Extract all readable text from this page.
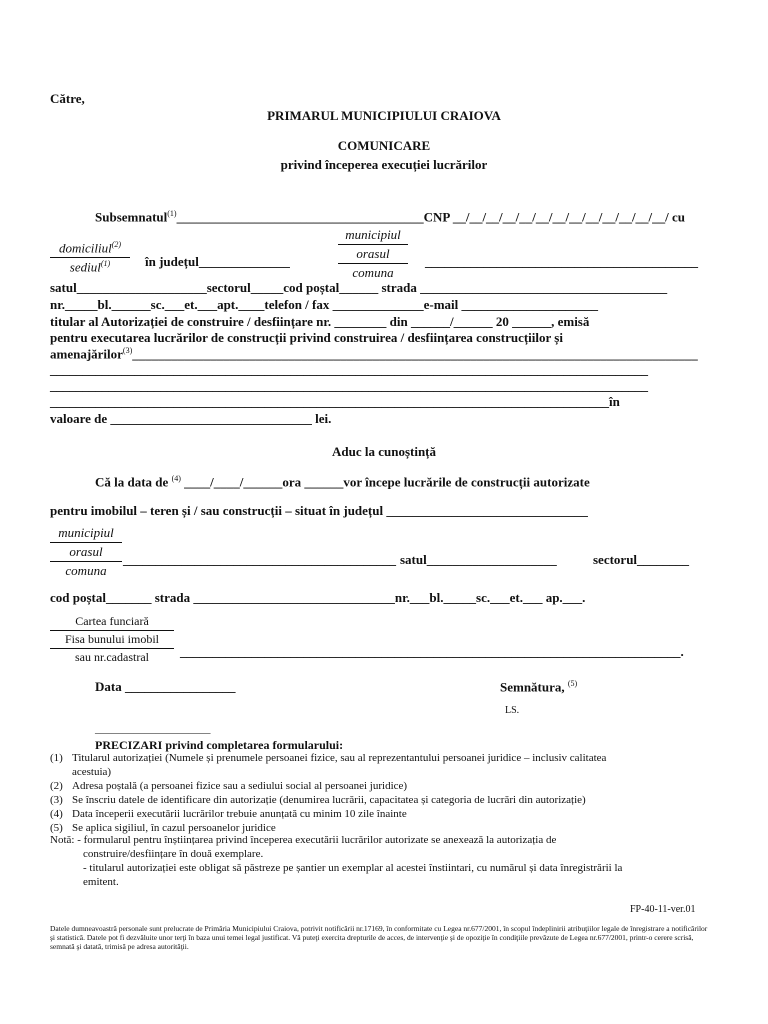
Către,
PRIMARUL MUNICIPIULUI CRAIOVA
COMUNICARE
privind începerea execuției lucrărilor
Subsemnatul$^{(1)}$______________________________________CNP __/__/__/__/__/__/__/__/__/__/__/__/__/ cu
domiciliul$^{(2)}$
sediul$^{(1)}$	în județul______________
municipiul
orasul
comuna
__________________________________________
satul____________________sectorul_____cod poștal______ strada ______________________________________
nr._____bl.______sc.___et.___apt.____telefon / fax ______________e-mail _____________________
titular al Autorizației de construire / desființare nr. ________ din ______/______ 20 ______, emisă
pentru executarea lucrărilor de construcții privind construirea / desființarea construcțiilor și
amenajărilor$^{(3)}$_______________________________________________________________________________________
____________________________________________________________________________________________
____________________________________________________________________________________________
______________________________________________________________________________________în
valoare de _______________________________ lei.
Aduc la cunoștință
Că la data de $^{(4)}$ ____/____/______ora ______vor începe lucrările de construcții autorizate
pentru imobilul – teren și / sau construcții – situat în județul _______________________________
municipiul
orasul
comuna
__________________________________________ satul____________________	sectorul________
cod poștal_______ strada _______________________________nr.___bl._____sc.___et.___ ap.___.
Cartea funciară
Fisa bunului imobil
sau nr.cadastral	_____________________________________________________________________________.
Data _________________	Semnătura, $^{(5)}$
LS.
_____________________
PRECIZARI privind completarea formularului:
(1) Titularul autorizației (Numele și prenumele persoanei fizice, sau al reprezentantului persoanei juridice – inclusiv calitatea
acestuia)
(2) Adresa poștală (a persoanei fizice sau a sediului social al persoanei juridice)
(3) Se înscriu datele de identificare din autorizație (denumirea lucrării, capacitatea și categoria de lucrări din autorizație)
(4) Data începerii executării lucrărilor trebuie anunțată cu minim 10 zile înainte
(5) Se aplica sigiliul, în cazul persoanelor juridice
Notă: - formularul pentru înștiințarea privind începerea executării lucrărilor autorizate se anexează la autorizația de
construire/desființare în două exemplare.
- titularul autorizației este obligat să păstreze pe șantier un exemplar al acestei înstiintari, cu numărul și data înregistrării la
emitent.
FP-40-11-ver.01
Datele dumneavoastră personale sunt prelucrate de Primăria Municipiului Craiova, potrivit notificării nr.17169, în conformitate cu Legea nr.677/2001, în scopul îndeplinirii atribuţiilor legale de înregistrare a notificărilor şi statistică. Datele pot fi dezvăluite unor terţi în baza unui temei legal justificat. Vă puteţi exercita drepturile de acces, de intervenţie şi de opoziţie în condiţiile prevăzute de Legea nr.677/2001, printr-o cerere scrisă, semnată şi datată, trimisă pe adresa autorităţii.
